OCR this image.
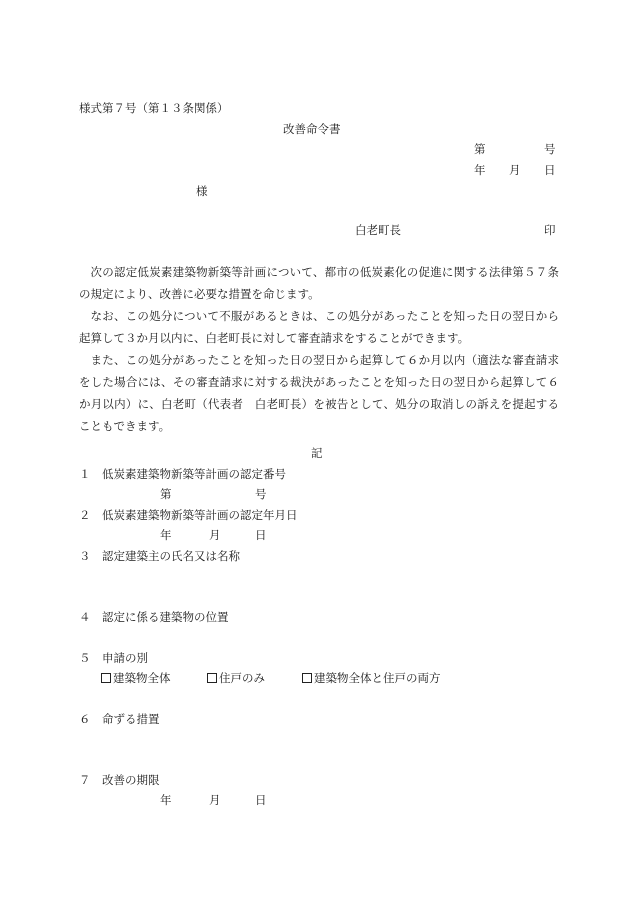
様式第７号（第１３条関係）
改善命令書
第	号
年 月 日
様
白老町長	印

次の認定低炭素建築物新築等計画について、都市の低炭素化の促進に関する法律第５７条の規定により、改善に必要な措置を命じます。

なお、この処分について不服があるときは、この処分があったことを知った日の翌日から起算して３か月以内に、白老町長に対して審査請求をすることができます。

また、この処分があったことを知った日の翌日から起算して６か月以内（適法な審査請求をした場合には、その審査請求に対する裁決があったことを知った日の翌日から起算して６か月以内）に、白老町（代表者　白老町長）を被告として、処分の取消しの訴えを提起することもできます。

記
１ 低炭素建築物新築等計画の認定番号
第	号
２ 低炭素建築物新築等計画の認定年月日
年	月	日
３ 認定建築主の氏名又は名称
４ 認定に係る建築物の位置
５ 申請の別
建築物全体	住戸のみ	建築物全体と住戸の両方
６ 命ずる措置
７ 改善の期限
年	月	日
